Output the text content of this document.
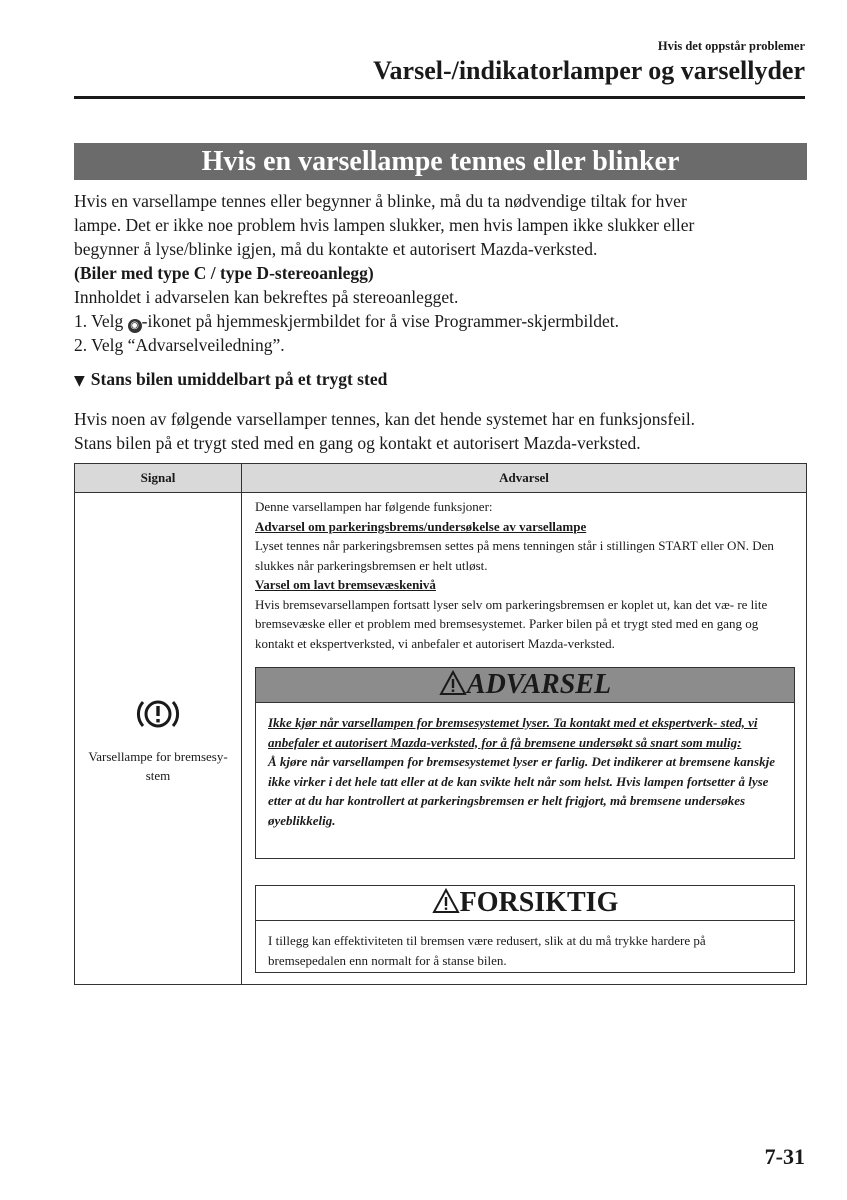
Hvis det oppstår problemer
Varsel-/indikatorlamper og varsellyder
Hvis en varsellampe tennes eller blinker
Hvis en varsellampe tennes eller begynner å blinke, må du ta nødvendige tiltak for hver
lampe. Det er ikke noe problem hvis lampen slukker, men hvis lampen ikke slukker eller
begynner å lyse/blinke igjen, må du kontakte et autorisert Mazda-verksted.
(Biler med type C / type D-stereoanlegg)
Innholdet i advarselen kan bekreftes på stereoanlegget.
1. Velg ◉ -ikonet på hjemmeskjermbildet for å vise Programmer-skjermbildet.
2. Velg “Advarselveiledning”.
▼ Stans bilen umiddelbart på et trygt sted
Hvis noen av følgende varsellamper tennes, kan det hende systemet har en funksjonsfeil.
Stans bilen på et trygt sted med en gang og kontakt et autorisert Mazda-verksted.
Signal	Advarsel
Varsellampe for bremsesy- stem
Denne varsellampen har følgende funksjoner:
Advarsel om parkeringsbrems/undersøkelse av varsellampe
Lyset tennes når parkeringsbremsen settes på mens tenningen står i stillingen START eller ON. Den slukkes når parkeringsbremsen er helt utløst.
Varsel om lavt bremsevæskenivå
Hvis bremsevarsellampen fortsatt lyser selv om parkeringsbremsen er koplet ut, kan det væ- re lite bremsevæske eller et problem med bremsesystemet. Parker bilen på et trygt sted med en gang og kontakt et ekspertverksted, vi anbefaler et autorisert Mazda-verksted.
ADVARSEL
Ikke kjør når varsellampen for bremsesystemet lyser. Ta kontakt med et ekspertverk- sted, vi anbefaler et autorisert Mazda-verksted, for å få bremsene undersøkt så snart som mulig:
Å kjøre når varsellampen for bremsesystemet lyser er farlig. Det indikerer at bremsene kanskje ikke virker i det hele tatt eller at de kan svikte helt når som helst. Hvis lampen fortsetter å lyse etter at du har kontrollert at parkeringsbremsen er helt frigjort, må bremsene undersøkes øyeblikkelig.
FORSIKTIG
I tillegg kan effektiviteten til bremsen være redusert, slik at du må trykke hardere på bremsepedalen enn normalt for å stanse bilen.
7-31
